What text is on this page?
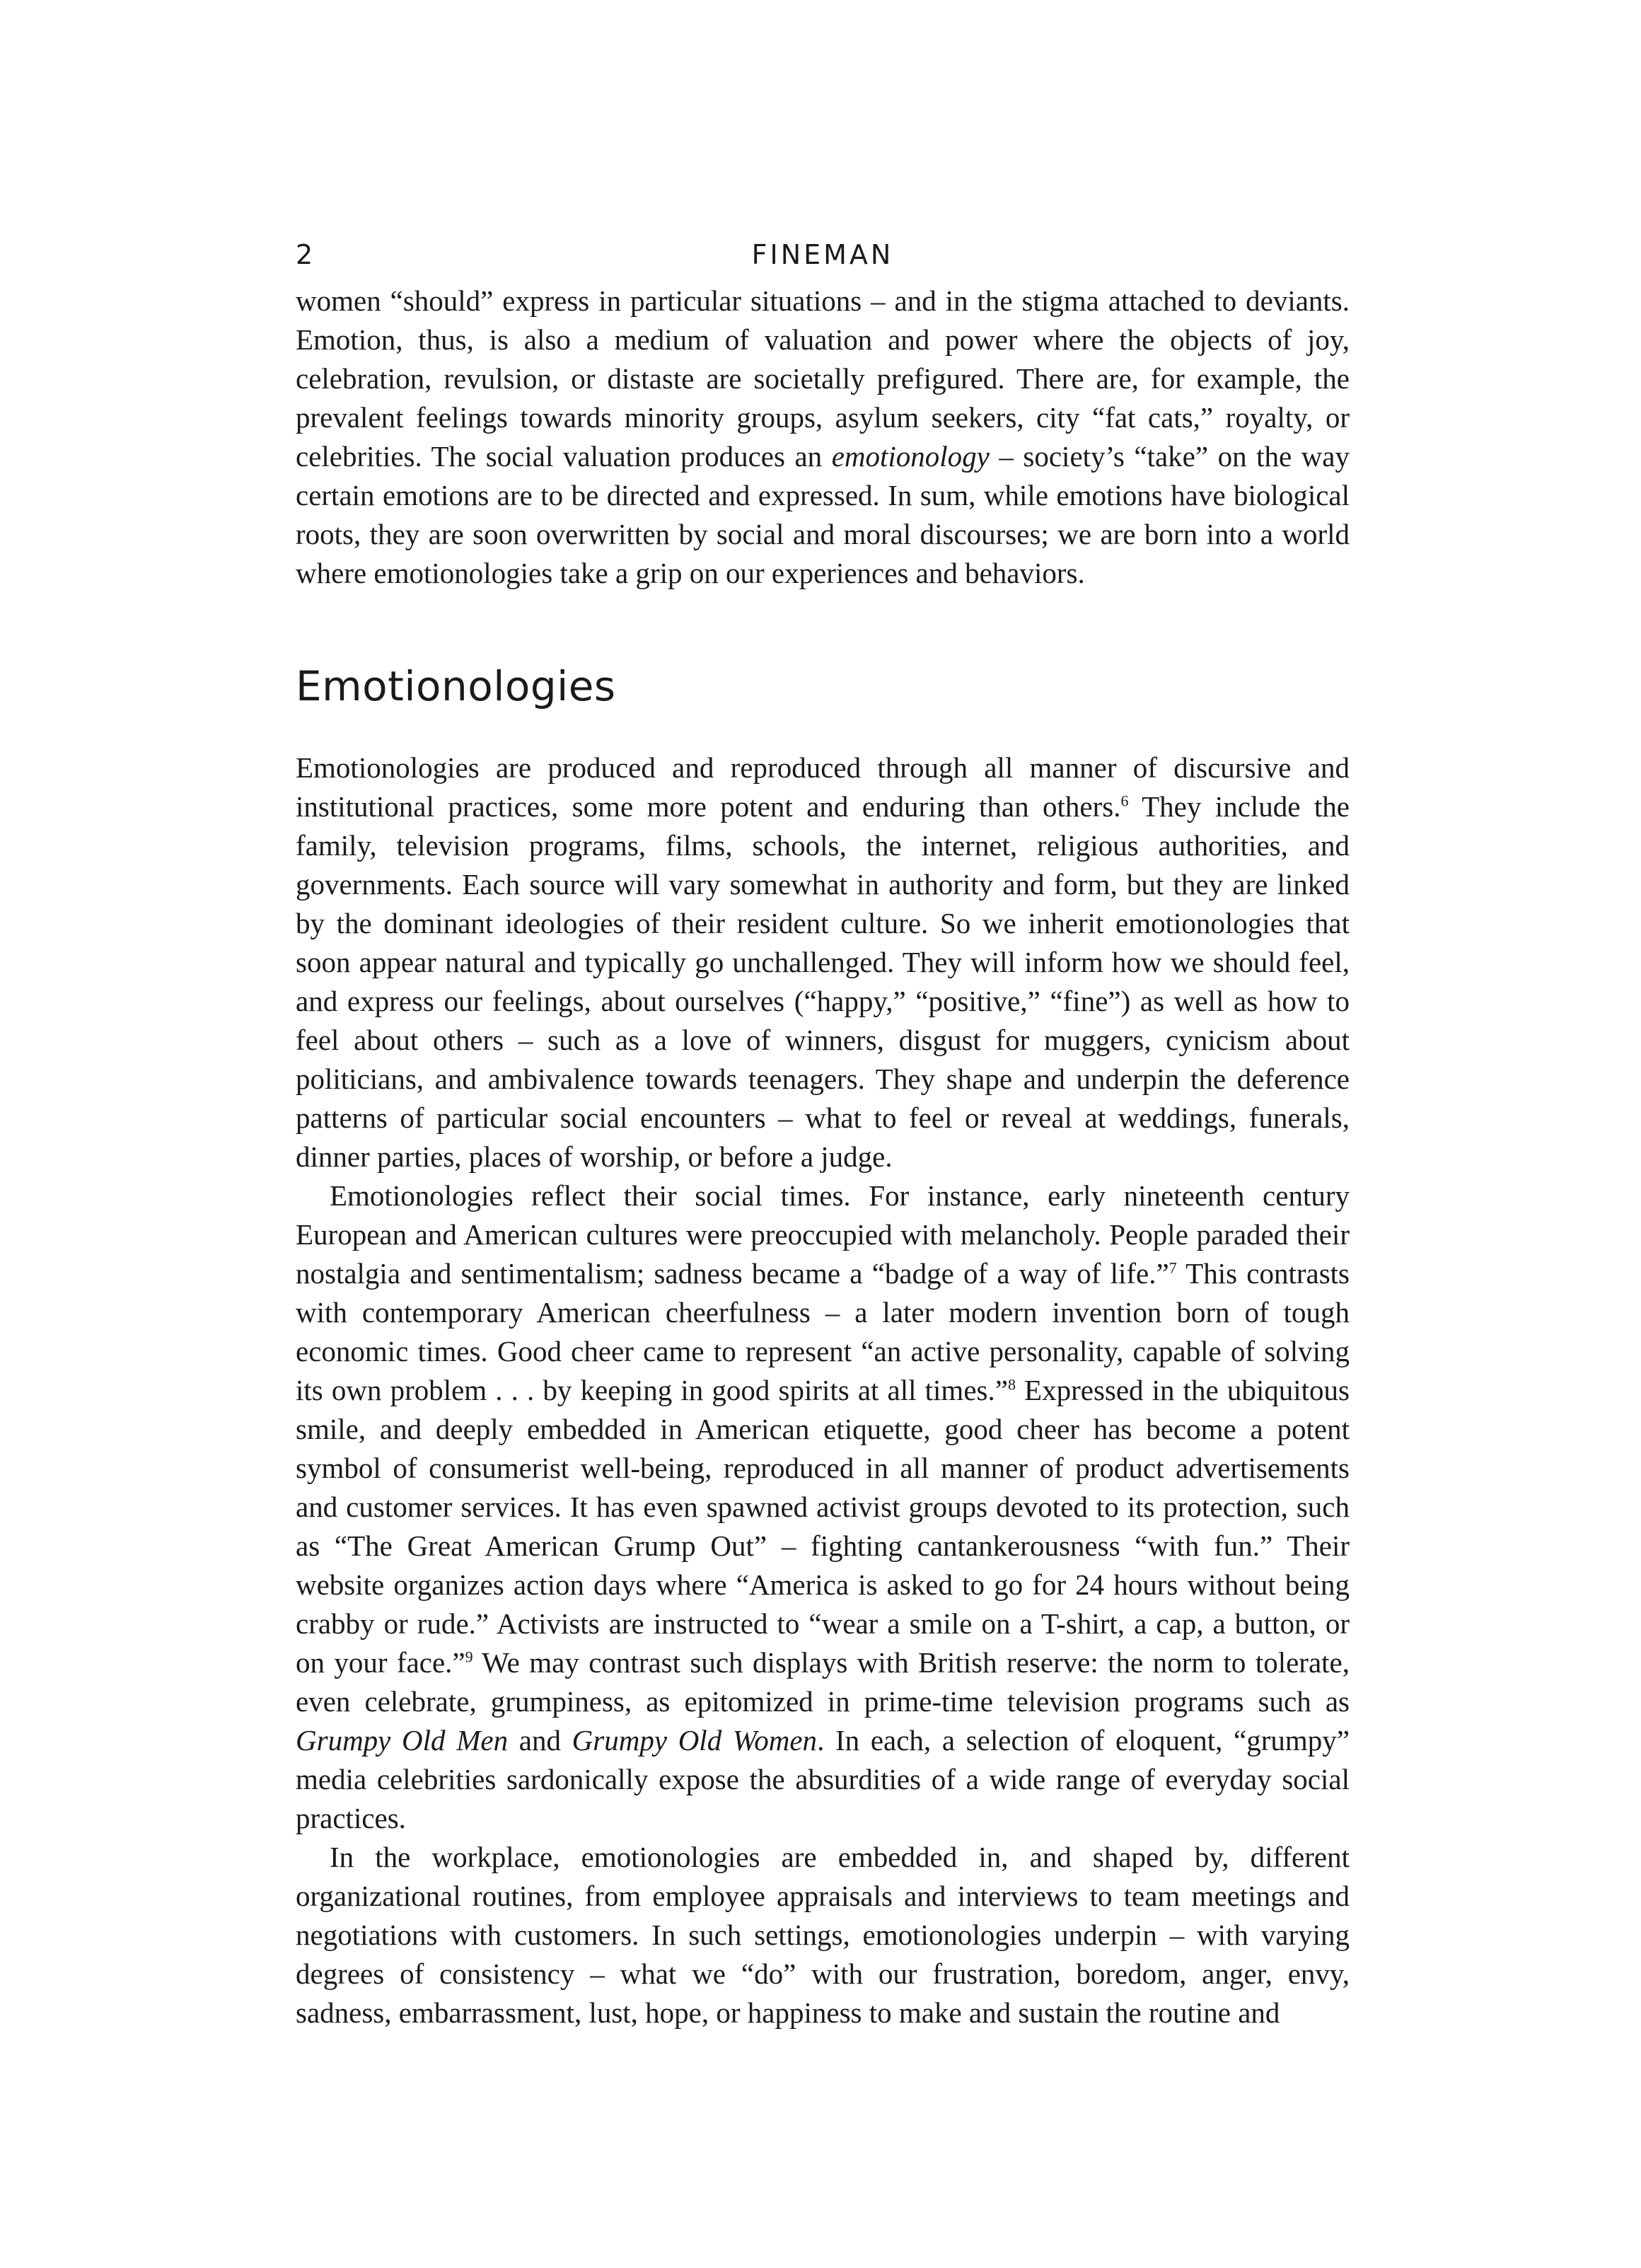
2	FINEMAN

women “should” express in particular situations – and in the stigma attached to deviants. Emotion, thus, is also a medium of valuation and power where the objects of joy, celebration, revulsion, or distaste are societally prefigured. There are, for example, the prevalent feelings towards minority groups, asylum seekers, city “fat cats,” royalty, or celebrities. The social valuation produces an emotionology – society’s “take” on the way certain emotions are to be directed and expressed. In sum, while emotions have biological roots, they are soon overwritten by social and moral discourses; we are born into a world where emotionologies take a grip on our experiences and behaviors.

Emotionologies

Emotionologies are produced and reproduced through all manner of discursive and institutional practices, some more potent and enduring than others.$^6$ They include the family, television programs, films, schools, the internet, religious authorities, and governments. Each source will vary somewhat in authority and form, but they are linked by the dominant ideologies of their resident culture. So we inherit emotionologies that soon appear natural and typically go unchallenged. They will inform how we should feel, and express our feelings, about ourselves (“happy,” “positive,” “fine”) as well as how to feel about others – such as a love of winners, disgust for muggers, cynicism about politicians, and ambivalence towards teenagers. They shape and underpin the deference patterns of particular social encounters – what to feel or reveal at weddings, funerals, dinner parties, places of worship, or before a judge.

Emotionologies reflect their social times. For instance, early nineteenth century European and American cultures were preoccupied with melancholy. People paraded their nostalgia and sentimentalism; sadness became a “badge of a way of life.”$^7$ This contrasts with contemporary American cheerfulness – a later modern invention born of tough economic times. Good cheer came to represent “an active personality, capable of solving its own problem . . . by keeping in good spirits at all times.”$^8$ Expressed in the ubiquitous smile, and deeply embedded in American etiquette, good cheer has become a potent symbol of consumerist well-being, reproduced in all manner of product advertisements and customer services. It has even spawned activist groups devoted to its protection, such as “The Great American Grump Out” – fighting cantankerousness “with fun.” Their website organizes action days where “America is asked to go for 24 hours without being crabby or rude.” Activists are instructed to “wear a smile on a T-shirt, a cap, a button, or on your face.”$^9$ We may contrast such displays with British reserve: the norm to tolerate, even celebrate, grumpiness, as epitomized in prime-time television programs such as Grumpy Old Men and Grumpy Old Women. In each, a selection of eloquent, “grumpy” media celebrities sardonically expose the absurdities of a wide range of everyday social practices.

In the workplace, emotionologies are embedded in, and shaped by, different organizational routines, from employee appraisals and interviews to team meetings and negotiations with customers. In such settings, emotionologies underpin – with varying degrees of consistency – what we “do” with our frustration, boredom, anger, envy, sadness, embarrassment, lust, hope, or happiness to make and sustain the routine and
